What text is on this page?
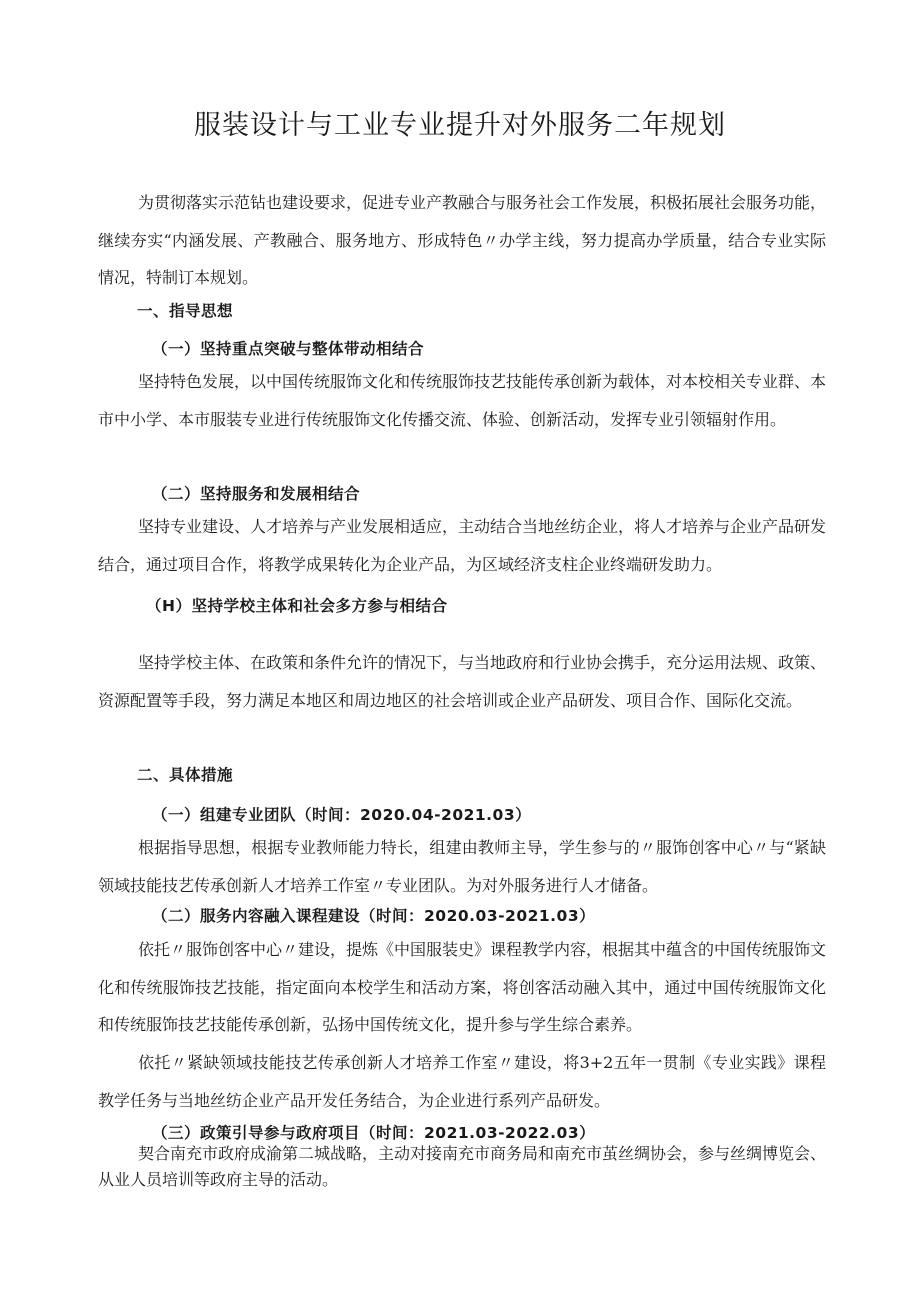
服装设计与工业专业提升对外服务二年规划

为贯彻落实示范钻也建设要求，促进专业产教融合与服务社会工作发展，积极拓展社会服务功能，继续夯实“内涵发展、产教融合、服务地方、形成特色〃办学主线，努力提高办学质量，结合专业实际情况，特制订本规划。

一、指导思想
（一）坚持重点突破与整体带动相结合

坚持特色发展，以中国传统服饰文化和传统服饰技艺技能传承创新为载体，对本校相关专业群、本市中小学、本市服装专业进行传统服饰文化传播交流、体验、创新活动，发挥专业引领辐射作用。

（二）坚持服务和发展相结合

坚持专业建设、人才培养与产业发展相适应，主动结合当地丝纺企业，将人才培养与企业产品研发结合，通过项目合作，将教学成果转化为企业产品，为区域经济支柱企业终端研发助力。

（H）坚持学校主体和社会多方参与相结合

坚持学校主体、在政策和条件允许的情况下，与当地政府和行业协会携手，充分运用法规、政策、资源配置等手段，努力满足本地区和周边地区的社会培训或企业产品研发、项目合作、国际化交流。

二、具体措施
（一）组建专业团队（时间：2020.04-2021.03）

根据指导思想，根据专业教师能力特长，组建由教师主导，学生参与的〃服饰创客中心〃与“紧缺领域技能技艺传承创新人才培养工作室〃专业团队。为对外服务进行人才储备。

（二）服务内容融入课程建设（时间：2020.03-2021.03）

依托〃服饰创客中心〃建设，提炼《中国服装史》课程教学内容，根据其中蕴含的中国传统服饰文化和传统服饰技艺技能，指定面向本校学生和活动方案，将创客活动融入其中，通过中国传统服饰文化和传统服饰技艺技能传承创新，弘扬中国传统文化，提升参与学生综合素养。

依托〃紧缺领域技能技艺传承创新人才培养工作室〃建设，将3+2五年一贯制《专业实践》课程教学任务与当地丝纺企业产品开发任务结合，为企业进行系列产品研发。

（三）政策引导参与政府项目（时间：2021.03-2022.03）

契合南充市政府成渝第二城战略，主动对接南充市商务局和南充市茧丝绸协会，参与丝绸博览会、从业人员培训等政府主导的活动。
